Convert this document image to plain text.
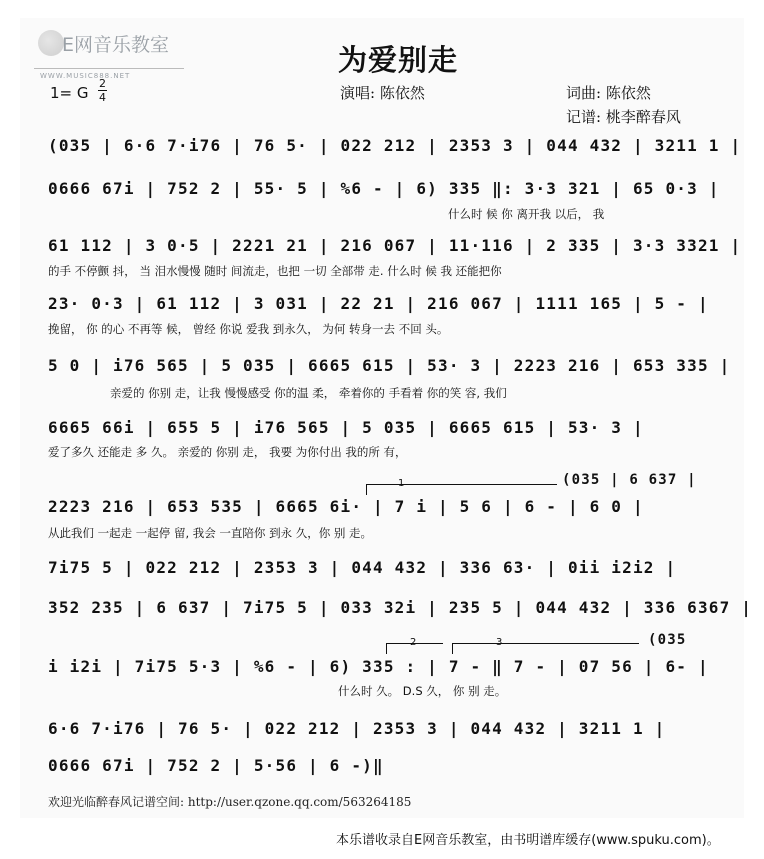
E网音乐教室
WWW.MUSIC888.NET	为爱别走
1= G
2
4	演唱: 陈依然	词曲: 陈依然
记谱: 桃李醉春风
(035 | 6·6 7·i76 | 76 5· | 022 212 | 2353 3 | 044 432 | 3211 1 |
0666 67i | 752 2 | 55· 5 | %6 - | 6) 335 ‖: 3·3 321 | 65 0·3 |
什么时 候 你 离开我 以后， 我
61 112 | 3 0·5 | 2221 21 | 216 067 | 11·116 | 2 335 | 3·3 3321 |
的手 不停颤 抖， 当 泪水慢慢 随时 间流走，也把 一切 全部带 走. 什么时 候 我 还能把你
23· 0·3 | 61 112 | 3 031 | 22 21 | 216 067 | 1111 165 | 5 - |
挽留， 你 的心 不再等 候， 曾经 你说 爱我 到永久， 为何 转身一去 不回 头。
5 0 | i76 565 | 5 035 | 6665 615 | 53· 3 | 2223 216 | 653 335 |
亲爱的 你别 走，让我 慢慢感受 你的温 柔， 牵着你的 手看着 你的笑 容, 我们
6665 66i | 655 5 | i76 565 | 5 035 | 6665 615 | 53· 3 |
爱了多久 还能走 多 久。 亲爱的 你别 走， 我要 为你付出 我的所 有，
1	(035 | 6 637 |
2223 216 | 653 535 | 6665 6i· | 7 i | 5 6 | 6 - | 6 0 |
从此我们 一起走 一起停 留, 我会 一直陪你 到永 久，你 别 走。
7i75 5 | 022 212 | 2353 3 | 044 432 | 336 63· | 0ii i2i2 |
352 235 | 6 637 | 7i75 5 | 033 32i | 235 5 | 044 432 | 336 6367 |
2	3	(035
i i2i | 7i75 5·3 | %6 - | 6) 335 : | 7 - ‖ 7 - | 07 56 | 6- |
什么时 久。 D.S 久， 你 别 走。
6·6 7·i76 | 76 5· | 022 212 | 2353 3 | 044 432 | 3211 1 |
0666 67i | 752 2 | 5·56 | 6 -)‖
欢迎光临醉春风记谱空间: http://user.qzone.qq.com/563264185
本乐谱收录自E网音乐教室，由书明谱库缓存(www.spuku.com)。
